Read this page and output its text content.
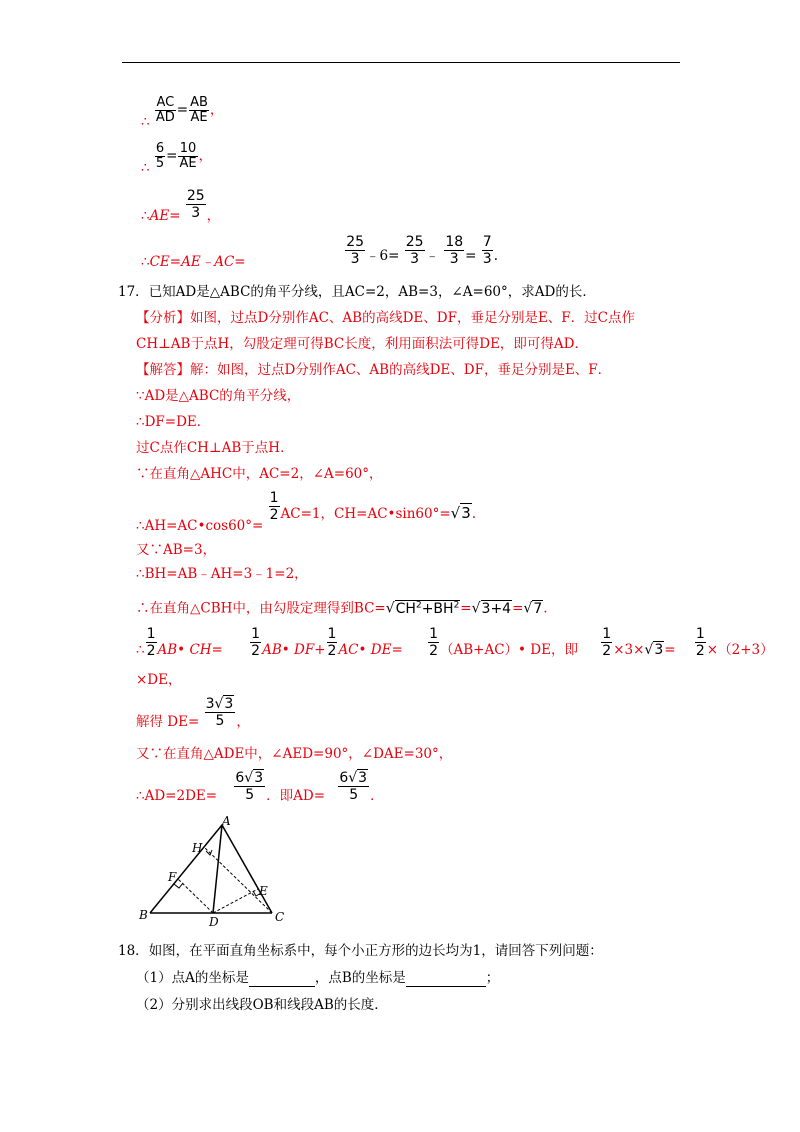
∴ $\frac{AC}{AD} = \frac{AB}{AE}$ ，
∴ $\frac{6}{5} = \frac{10}{AE}$ ，
∴AE= $\frac{25}{3}$ ，
∴CE=AE﹣AC=	$\frac{25}{3}$ ﹣6= $\frac{25}{3}$ ﹣ $\frac{18}{3} = \frac{7}{3}$ .
17．已知AD是△ABC的角平分线，且AC=2，AB=3，∠A=60°，求AD的长．
【分析】如图，过点D分别作AC、AB的高线DE、DF，垂足分别是E、F．过C点作
CH⊥AB于点H，勾股定理可得BC长度，利用面积法可得DE，即可得AD．
【解答】解：如图，过点D分别作AC、AB的高线DE、DF，垂足分别是E、F．
∵AD是△ABC的角平分线，
∴DF=DE．
过C点作CH⊥AB于点H．
∵在直角△AHC中，AC=2，∠A=60°，
∴AH=AC•cos60°=
$\frac{1}{2} AC=1$，CH=AC•sin60°=√3.
又∵AB=3，
∴BH=AB﹣AH=3﹣1=2，
∴在直角△CBH中，由勾股定理得到$BC=√CH^2+BH^2=√3+4=√7$.
∴ $\frac{1}{2}$ AB• $CH= \frac{1}{2}$ AB• $DF+ \frac{1}{2}$ AC• $DE= \frac{1}{2}$ （AB+AC）• DE，即 $\frac{1}{2} \times 3\times√3= \frac{1}{2} \times(2+3)$
×DE，
解得 $DE= \frac{3√3}{5}$ ，
又∵在直角△ADE中，∠AED=90°，∠DAE=30°，
∴AD=2DE= $\frac{6√3}{5}$ ．即$AD= \frac{6√3}{5}$ ．
A
B	C
D
E
F
H
18．如图，在平面直角坐标系中，每个小正方形的边长均为1，请回答下列问题：
（1）点A的坐标是	，点B的坐标是	；
（2）分别求出线段OB和线段AB的长度．
